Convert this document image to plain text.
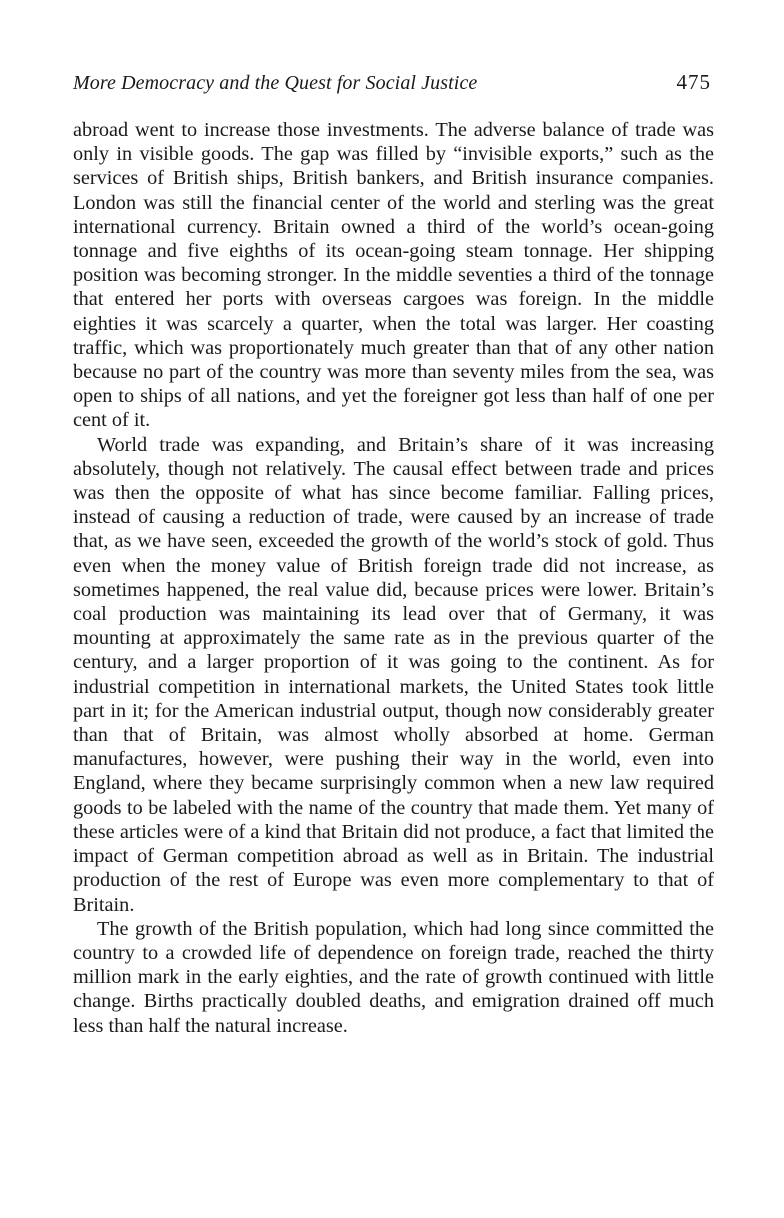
More Democracy and the Quest for Social Justice	475

abroad went to increase those investments. The adverse balance of trade was only in visible goods. The gap was filled by “invisible exports,” such as the services of British ships, British bankers, and British insurance companies. London was still the financial center of the world and sterling was the great international currency. Britain owned a third of the world’s ocean-going tonnage and five eighths of its ocean-going steam tonnage. Her shipping position was becoming stronger. In the middle seventies a third of the tonnage that entered her ports with overseas cargoes was foreign. In the middle eighties it was scarcely a quarter, when the total was larger. Her coasting traffic, which was proportionately much greater than that of any other nation because no part of the country was more than seventy miles from the sea, was open to ships of all nations, and yet the foreigner got less than half of one per cent of it.

World trade was expanding, and Britain’s share of it was increasing absolutely, though not relatively. The causal effect between trade and prices was then the opposite of what has since become familiar. Falling prices, instead of causing a reduction of trade, were caused by an increase of trade that, as we have seen, exceeded the growth of the world’s stock of gold. Thus even when the money value of British foreign trade did not increase, as sometimes happened, the real value did, because prices were lower. Britain’s coal production was maintaining its lead over that of Germany, it was mounting at approximately the same rate as in the previous quarter of the century, and a larger proportion of it was going to the continent. As for industrial competition in international markets, the United States took little part in it; for the American industrial output, though now considerably greater than that of Britain, was almost wholly absorbed at home. German manufactures, however, were pushing their way in the world, even into England, where they became surprisingly common when a new law required goods to be labeled with the name of the country that made them. Yet many of these articles were of a kind that Britain did not produce, a fact that limited the impact of German competition abroad as well as in Britain. The industrial production of the rest of Europe was even more complementary to that of Britain.

The growth of the British population, which had long since committed the country to a crowded life of dependence on foreign trade, reached the thirty million mark in the early eighties, and the rate of growth continued with little change. Births practically doubled deaths, and emigration drained off much less than half the natural increase.
